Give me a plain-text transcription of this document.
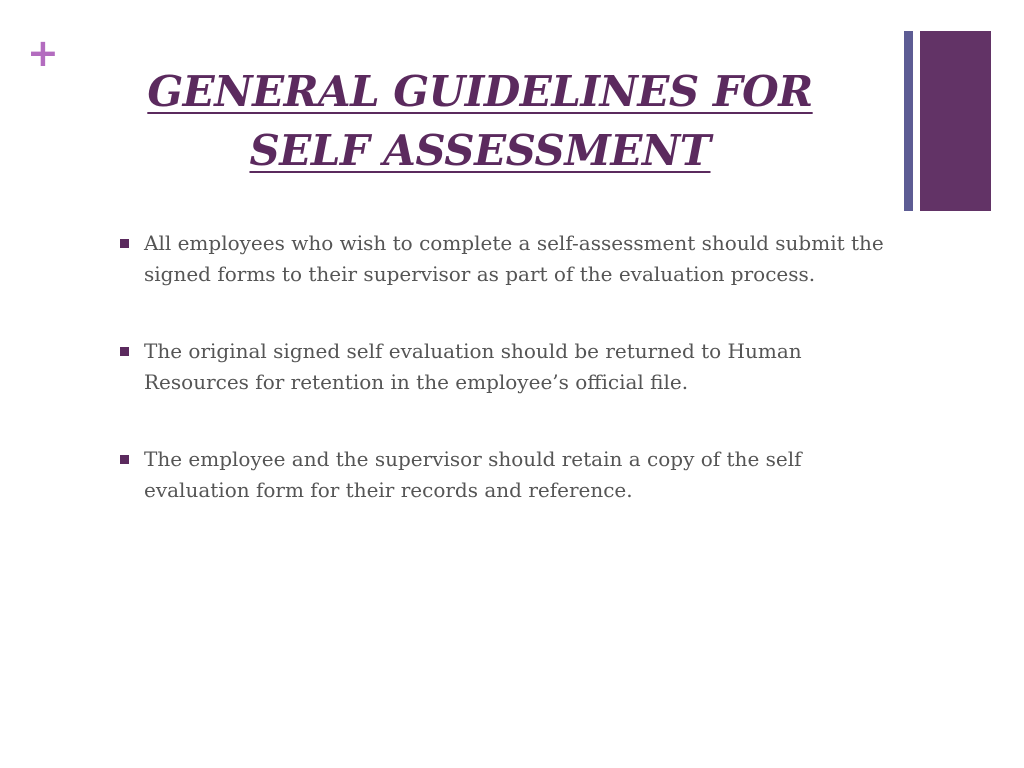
+
GENERAL GUIDELINES FOR
SELF ASSESSMENT
All employees who wish to complete a self-assessment should submit the signed forms to their supervisor as part of the evaluation process.
The original signed self evaluation should be returned to Human Resources for retention in the employee’s official file.
The employee and the supervisor should retain a copy of the self evaluation form for their records and reference.
